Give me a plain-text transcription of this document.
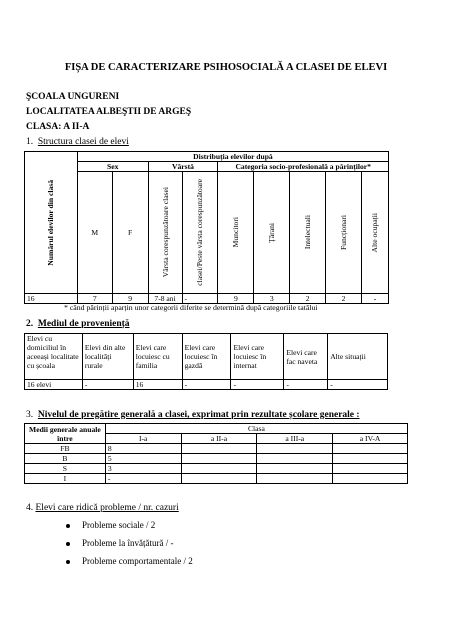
FIȘA DE CARACTERIZARE PSIHOSOCIALĂ A CLASEI DE ELEVI
ŞCOALA UNGURENI
LOCALITATEA ALBEŞTII DE ARGEŞ
CLASA: A II-A
1. Structura clasei de elevi
Numărul elevilor din clasă	Distribuția elevilor după								
	Sex		Vârstă		Categoria socio-profesională a părinților*				
	M	F	Vârsta corespunzătoare clasei	clasei/Peste vârsta corespunzătoare	Muncitori	Țărani	Intelectuali	Funcționari	Alte ocupații

16	7	9	7-8 ani	-	9	3	2	2	-
* când părinții aparțin unor categorii diferite se determină după categoriile tatălui
2. Mediul de proveniență
Elevi cu domiciliul în aceeași localitate cu școala	Elevi din alte localități rurale	Elevi care locuiesc cu familia	Elevi care locuiesc în gazdă	Elevi care locuiesc în internat	Elevi care fac naveta	Alte situații
16 elevi	-	16	-	-	-	-
3. Nivelul de pregătire generală a clasei, exprimat prin rezultate școlare generale :
Medii generale anuale între	Clasa			
	I-a	a II-a	a III-a	a IV-A
FB	8			
B	5			
S	3			
I	-			
4. Elevi care ridică probleme / nr. cazuri
Probleme sociale / 2
Probleme la învățătură / -
Probleme comportamentale / 2
